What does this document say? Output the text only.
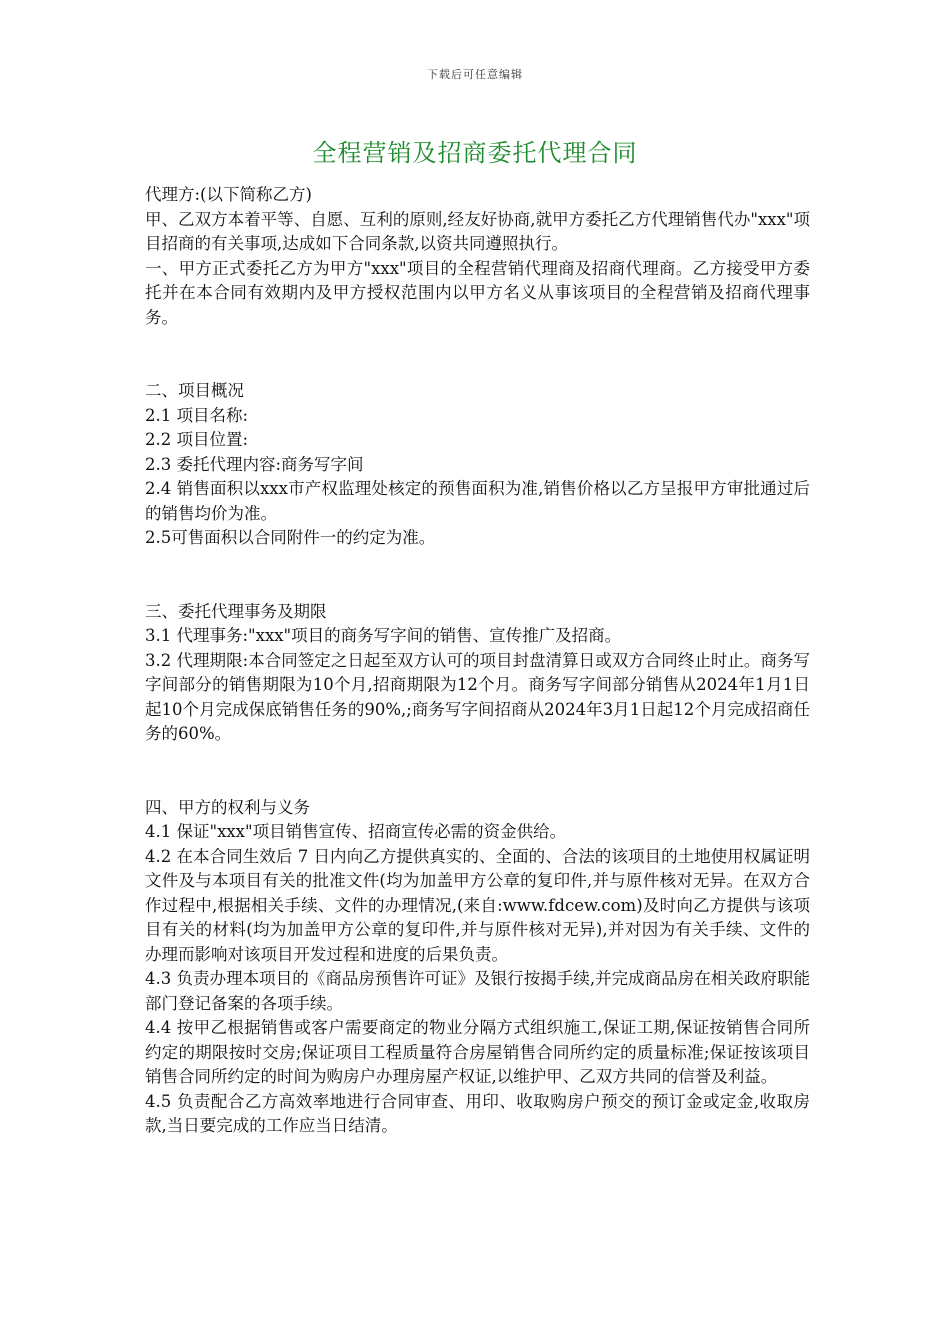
下载后可任意编辑
全程营销及招商委托代理合同

代理方:(以下简称乙方)

甲、乙双方本着平等、自愿、互利的原则,经友好协商,就甲方委托乙方代理销售代办"xxx"项目招商的有关事项,达成如下合同条款,以资共同遵照执行。

一、甲方正式委托乙方为甲方"xxx"项目的全程营销代理商及招商代理商。乙方接受甲方委托并在本合同有效期内及甲方授权范围内以甲方名义从事该项目的全程营销及招商代理事务。

二、项目概况

2.1 项目名称:

2.2 项目位置:

2.3 委托代理内容:商务写字间

2.4 销售面积以xxx市产权监理处核定的预售面积为准,销售价格以乙方呈报甲方审批通过后的销售均价为准。

2.5可售面积以合同附件一的约定为准。

三、委托代理事务及期限

3.1 代理事务:"xxx"项目的商务写字间的销售、宣传推广及招商。

3.2 代理期限:本合同签定之日起至双方认可的项目封盘清算日或双方合同终止时止。商务写字间部分的销售期限为10个月,招商期限为12个月。商务写字间部分销售从2024年1月1日起10个月完成保底销售任务的90%,;商务写字间招商从2024年3月1日起12个月完成招商任务的60%。

四、甲方的权利与义务

4.1 保证"xxx"项目销售宣传、招商宣传必需的资金供给。

4.2 在本合同生效后 7 日内向乙方提供真实的、全面的、合法的该项目的土地使用权属证明文件及与本项目有关的批准文件(均为加盖甲方公章的复印件,并与原件核对无异。在双方合作过程中,根据相关手续、文件的办理情况,(来自:www.fdcew.com)及时向乙方提供与该项目有关的材料(均为加盖甲方公章的复印件,并与原件核对无异),并对因为有关手续、文件的办理而影响对该项目开发过程和进度的后果负责。

4.3 负责办理本项目的《商品房预售许可证》及银行按揭手续,并完成商品房在相关政府职能部门登记备案的各项手续。

4.4 按甲乙根据销售或客户需要商定的物业分隔方式组织施工,保证工期,保证按销售合同所约定的期限按时交房;保证项目工程质量符合房屋销售合同所约定的质量标准;保证按该项目销售合同所约定的时间为购房户办理房屋产权证,以维护甲、乙双方共同的信誉及利益。

4.5 负责配合乙方高效率地进行合同审查、用印、收取购房户预交的预订金或定金,收取房款,当日要完成的工作应当日结清。
